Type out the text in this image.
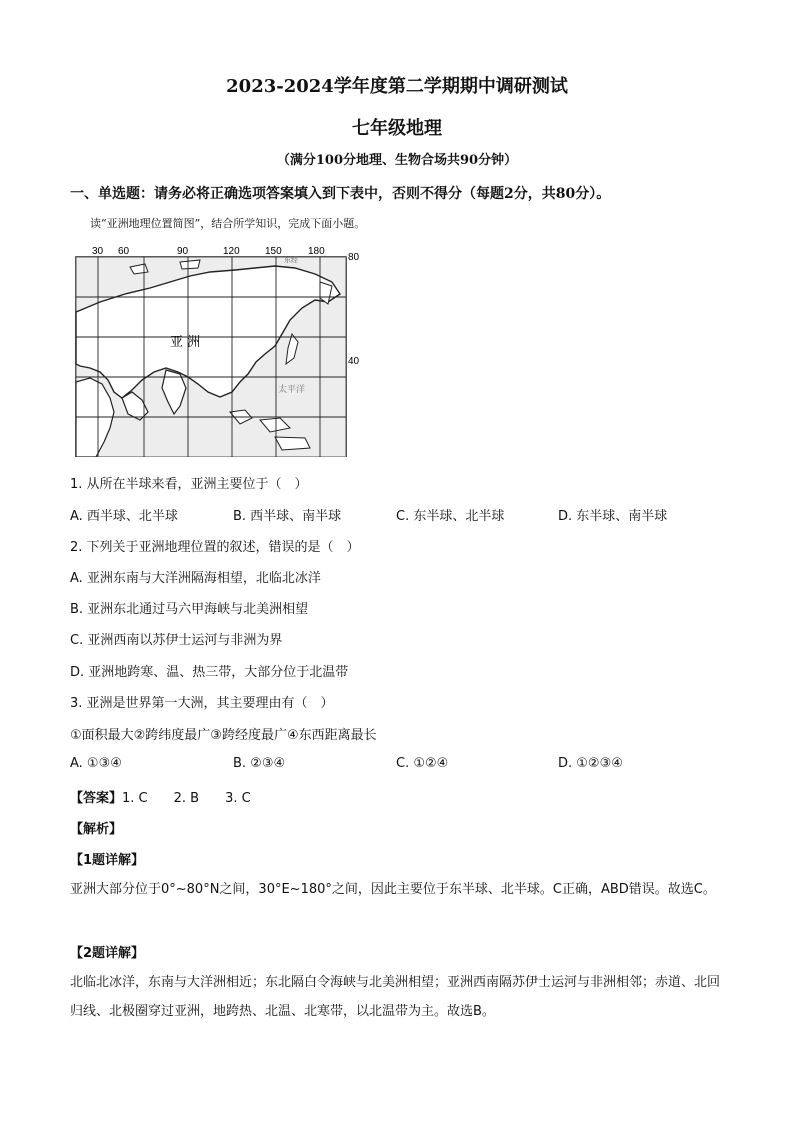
2023-2024学年度第二学期期中调研测试
七年级地理
（满分100分地理、生物合场共90分钟）
一、单选题：请务必将正确选项答案填入到下表中，否则不得分（每题2分，共80分）。
读“亚洲地理位置简图”，结合所学知识，完成下面小题。
30 60	90	120	150	180
80
40
亚 洲
东经
太平洋
1. 从所在半球来看，亚洲主要位于（　）
A. 西半球、北半球	B. 西半球、南半球	C. 东半球、北半球	D. 东半球、南半球
2. 下列关于亚洲地理位置的叙述，错误的是（　）
A. 亚洲东南与大洋洲隔海相望，北临北冰洋
B. 亚洲东北通过马六甲海峡与北美洲相望
C. 亚洲西南以苏伊士运河与非洲为界
D. 亚洲地跨寒、温、热三带，大部分位于北温带
3. 亚洲是世界第一大洲，其主要理由有（　）
①面积最大②跨纬度最广③跨经度最广④东西距离最长
A. ①③④	B. ②③④	C. ①②④	D. ①②③④
【答案】1. C　　2. B　　3. C
【解析】
【1题详解】
亚洲大部分位于0°~80°N之间，30°E~180°之间，因此主要位于东半球、北半球。C正确，ABD错误。故选C。
【2题详解】
北临北冰洋，东南与大洋洲相近；东北隔白令海峡与北美洲相望；亚洲西南隔苏伊士运河与非洲相邻；赤道、北回归线、北极圈穿过亚洲，地跨热、北温、北寒带，以北温带为主。故选B。
